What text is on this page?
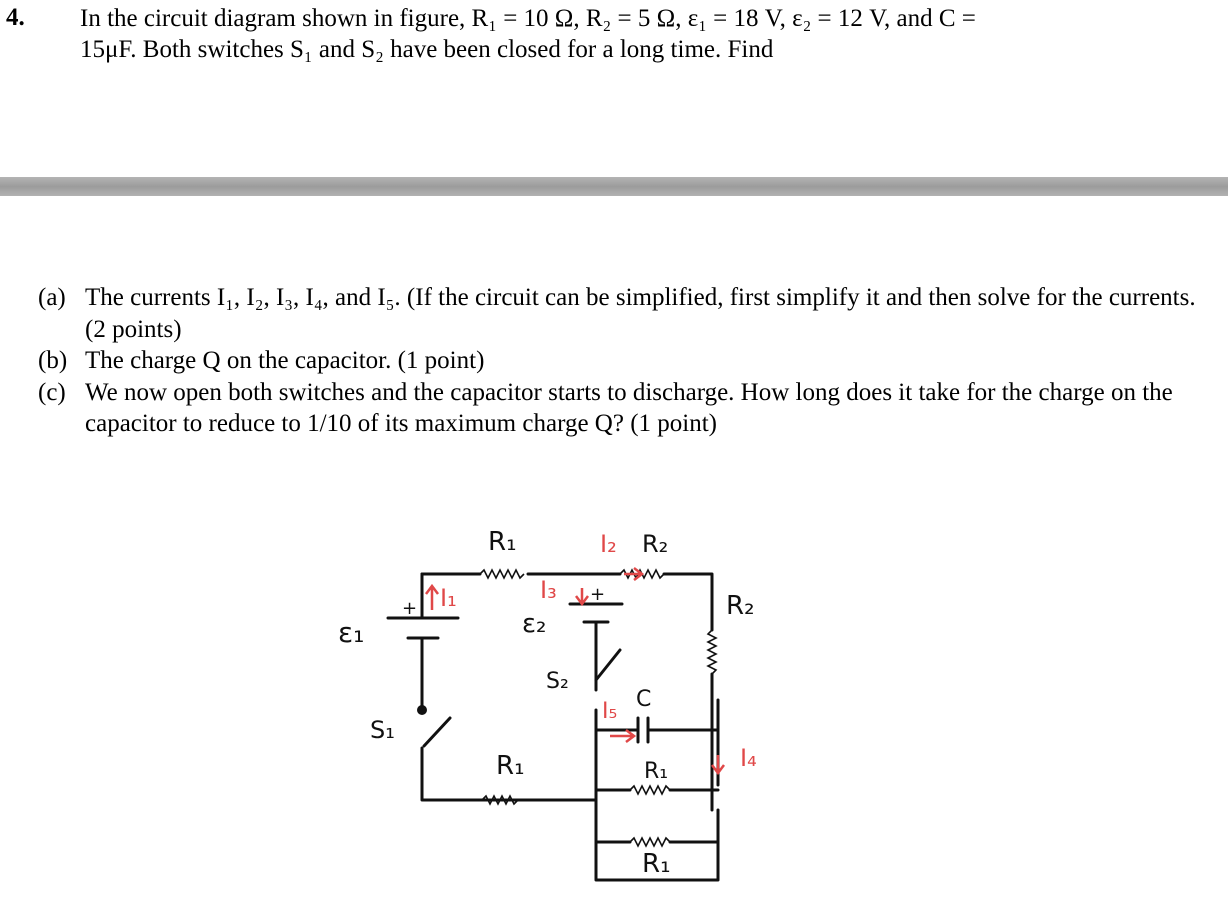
4. In the circuit diagram shown in figure, R₁ = 10 Ω, R₂ = 5 Ω, ε₁ = 18 V, ε₂ = 12 V, and C =
15μF. Both switches S₁ and S₂ have been closed for a long time. Find
(a) The currents I₁, I₂, I₃, I₄, and I₅. (If the circuit can be simplified, first simplify it and then solve for the currents. (2 points)
(b) The charge Q on the capacitor. (1 point)
(c) We now open both switches and the capacitor starts to discharge. How long does it take for the charge on the capacitor to reduce to 1/10 of its maximum charge Q? (1 point)
R₁	I₂ R₂
R₂
I₁
+
ε₁
I₃ +
ε₂
S₂
S₁
I₅ C
I₄
R₁	R₁
R₁
